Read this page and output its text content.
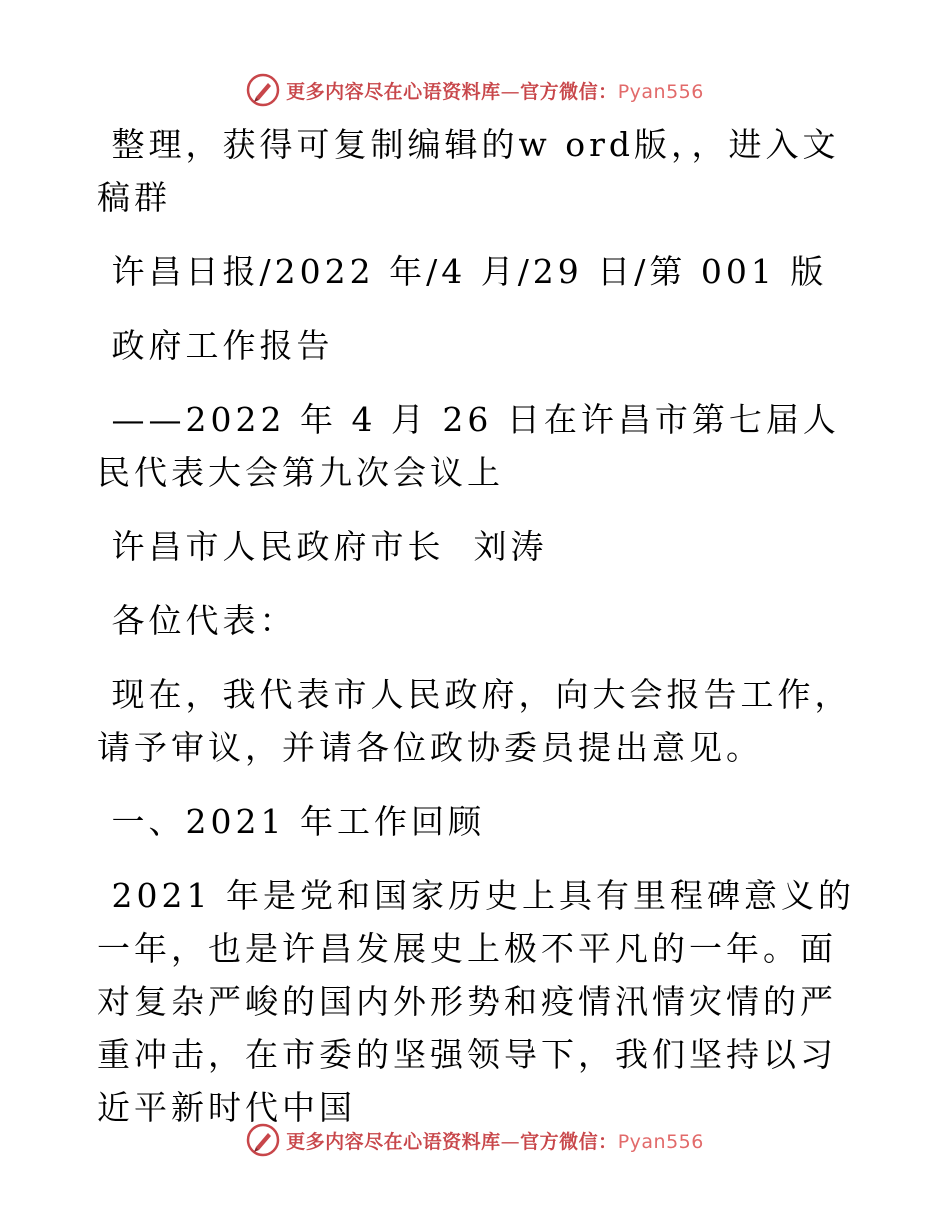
更多内容尽在心语资料库—官方微信：Pyan556

整理，获得可复制编辑的w ord版，，进入文稿群

许昌日报/2022 年/4 月/29 日/第 001 版

政府工作报告

——2022 年 4 月 26 日在许昌市第七届人民代表大会第九次会议上

许昌市人民政府市长  刘涛

各位代表：

现在，我代表市人民政府，向大会报告工作，请予审议，并请各位政协委员提出意见。

一、2021 年工作回顾

2021 年是党和国家历史上具有里程碑意义的一年，也是许昌发展史上极不平凡的一年。面对复杂严峻的国内外形势和疫情汛情灾情的严重冲击，在市委的坚强领导下，我们坚持以习近平新时代中国

更多内容尽在心语资料库—官方微信：Pyan556
